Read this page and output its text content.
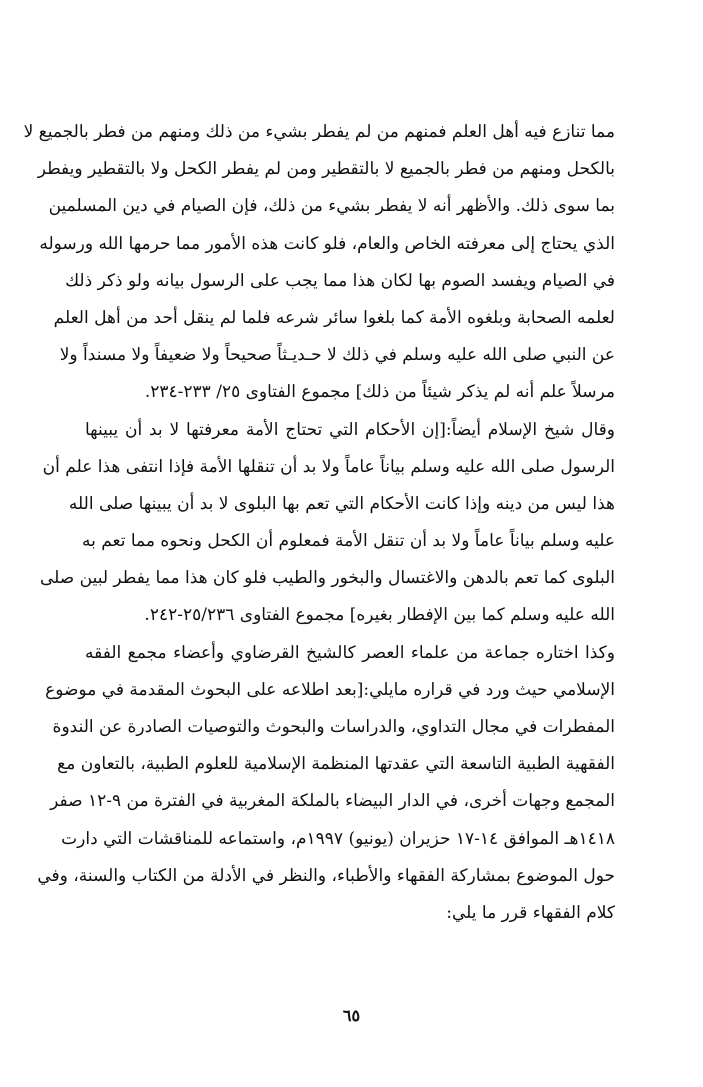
مما تنازع فيه أهل العلم فمنهم من لم يفطر بشيء من ذلك ومنهم من فطر بالجميع لا
بالكحل ومنهم من فطر بالجميع لا بالتقطير ومن لم يفطر الكحل ولا بالتقطير ويفطر
بما سوى ذلك. والأظهر أنه لا يفطر بشيء من ذلك، فإن الصيام في دين المسلمين
الذي يحتاج إلى معرفته الخاص والعام، فلو كانت هذه الأمور مما حرمها الله ورسوله
في الصيام ويفسد الصوم بها لكان هذا مما يجب على الرسول بيانه ولو ذكر ذلك
لعلمه الصحابة وبلغوه الأمة كما بلغوا سائر شرعه فلما لم ينقل أحد من أهل العلم
عن النبي صلى الله عليه وسلم في ذلك لا حـديـثاً صحيحاً ولا ضعيفاً ولا مسنداً ولا
مرسلاً علم أنه لم يذكر شيئاً من ذلك] مجموع الفتاوى ٢٥/ ٢٣٣-٢٣٤.
وقال شيخ الإسلام أيضاً:[إن الأحكام التي تحتاج الأمة معرفتها لا بد أن يبينها
الرسول صلى الله عليه وسلم بياناً عاماً ولا بد أن تنقلها الأمة فإذا انتفى هذا علم أن
هذا ليس من دينه وإذا كانت الأحكام التي تعم بها البلوى لا بد أن يبينها صلى الله
عليه وسلم بياناً عاماً ولا بد أن تنقل الأمة فمعلوم أن الكحل ونحوه مما تعم به
البلوى كما تعم بالدهن والاغتسال والبخور والطيب فلو كان هذا مما يفطر لبين صلى
الله عليه وسلم كما بين الإفطار بغيره] مجموع الفتاوى ٢٥/٢٣٦-٢٤٢.
وكذا اختاره جماعة من علماء العصر كالشيخ القرضاوي وأعضاء مجمع الفقه
الإسلامي حيث ورد في قراره مايلي:[بعد اطلاعه على البحوث المقدمة في موضوع
المفطرات في مجال التداوي، والدراسات والبحوث والتوصيات الصادرة عن الندوة
الفقهية الطبية التاسعة التي عقدتها المنظمة الإسلامية للعلوم الطبية، بالتعاون مع
المجمع وجهات أخرى، في الدار البيضاء بالملكة المغربية في الفترة من ٩-١٢ صفر
١٤١٨هـ الموافق ١٤-١٧ حزيران (يونيو) ١٩٩٧م، واستماعه للمناقشات التي دارت
حول الموضوع بمشاركة الفقهاء والأطباء، والنظر في الأدلة من الكتاب والسنة، وفي
كلام الفقهاء قرر ما يلي:
٦٥
